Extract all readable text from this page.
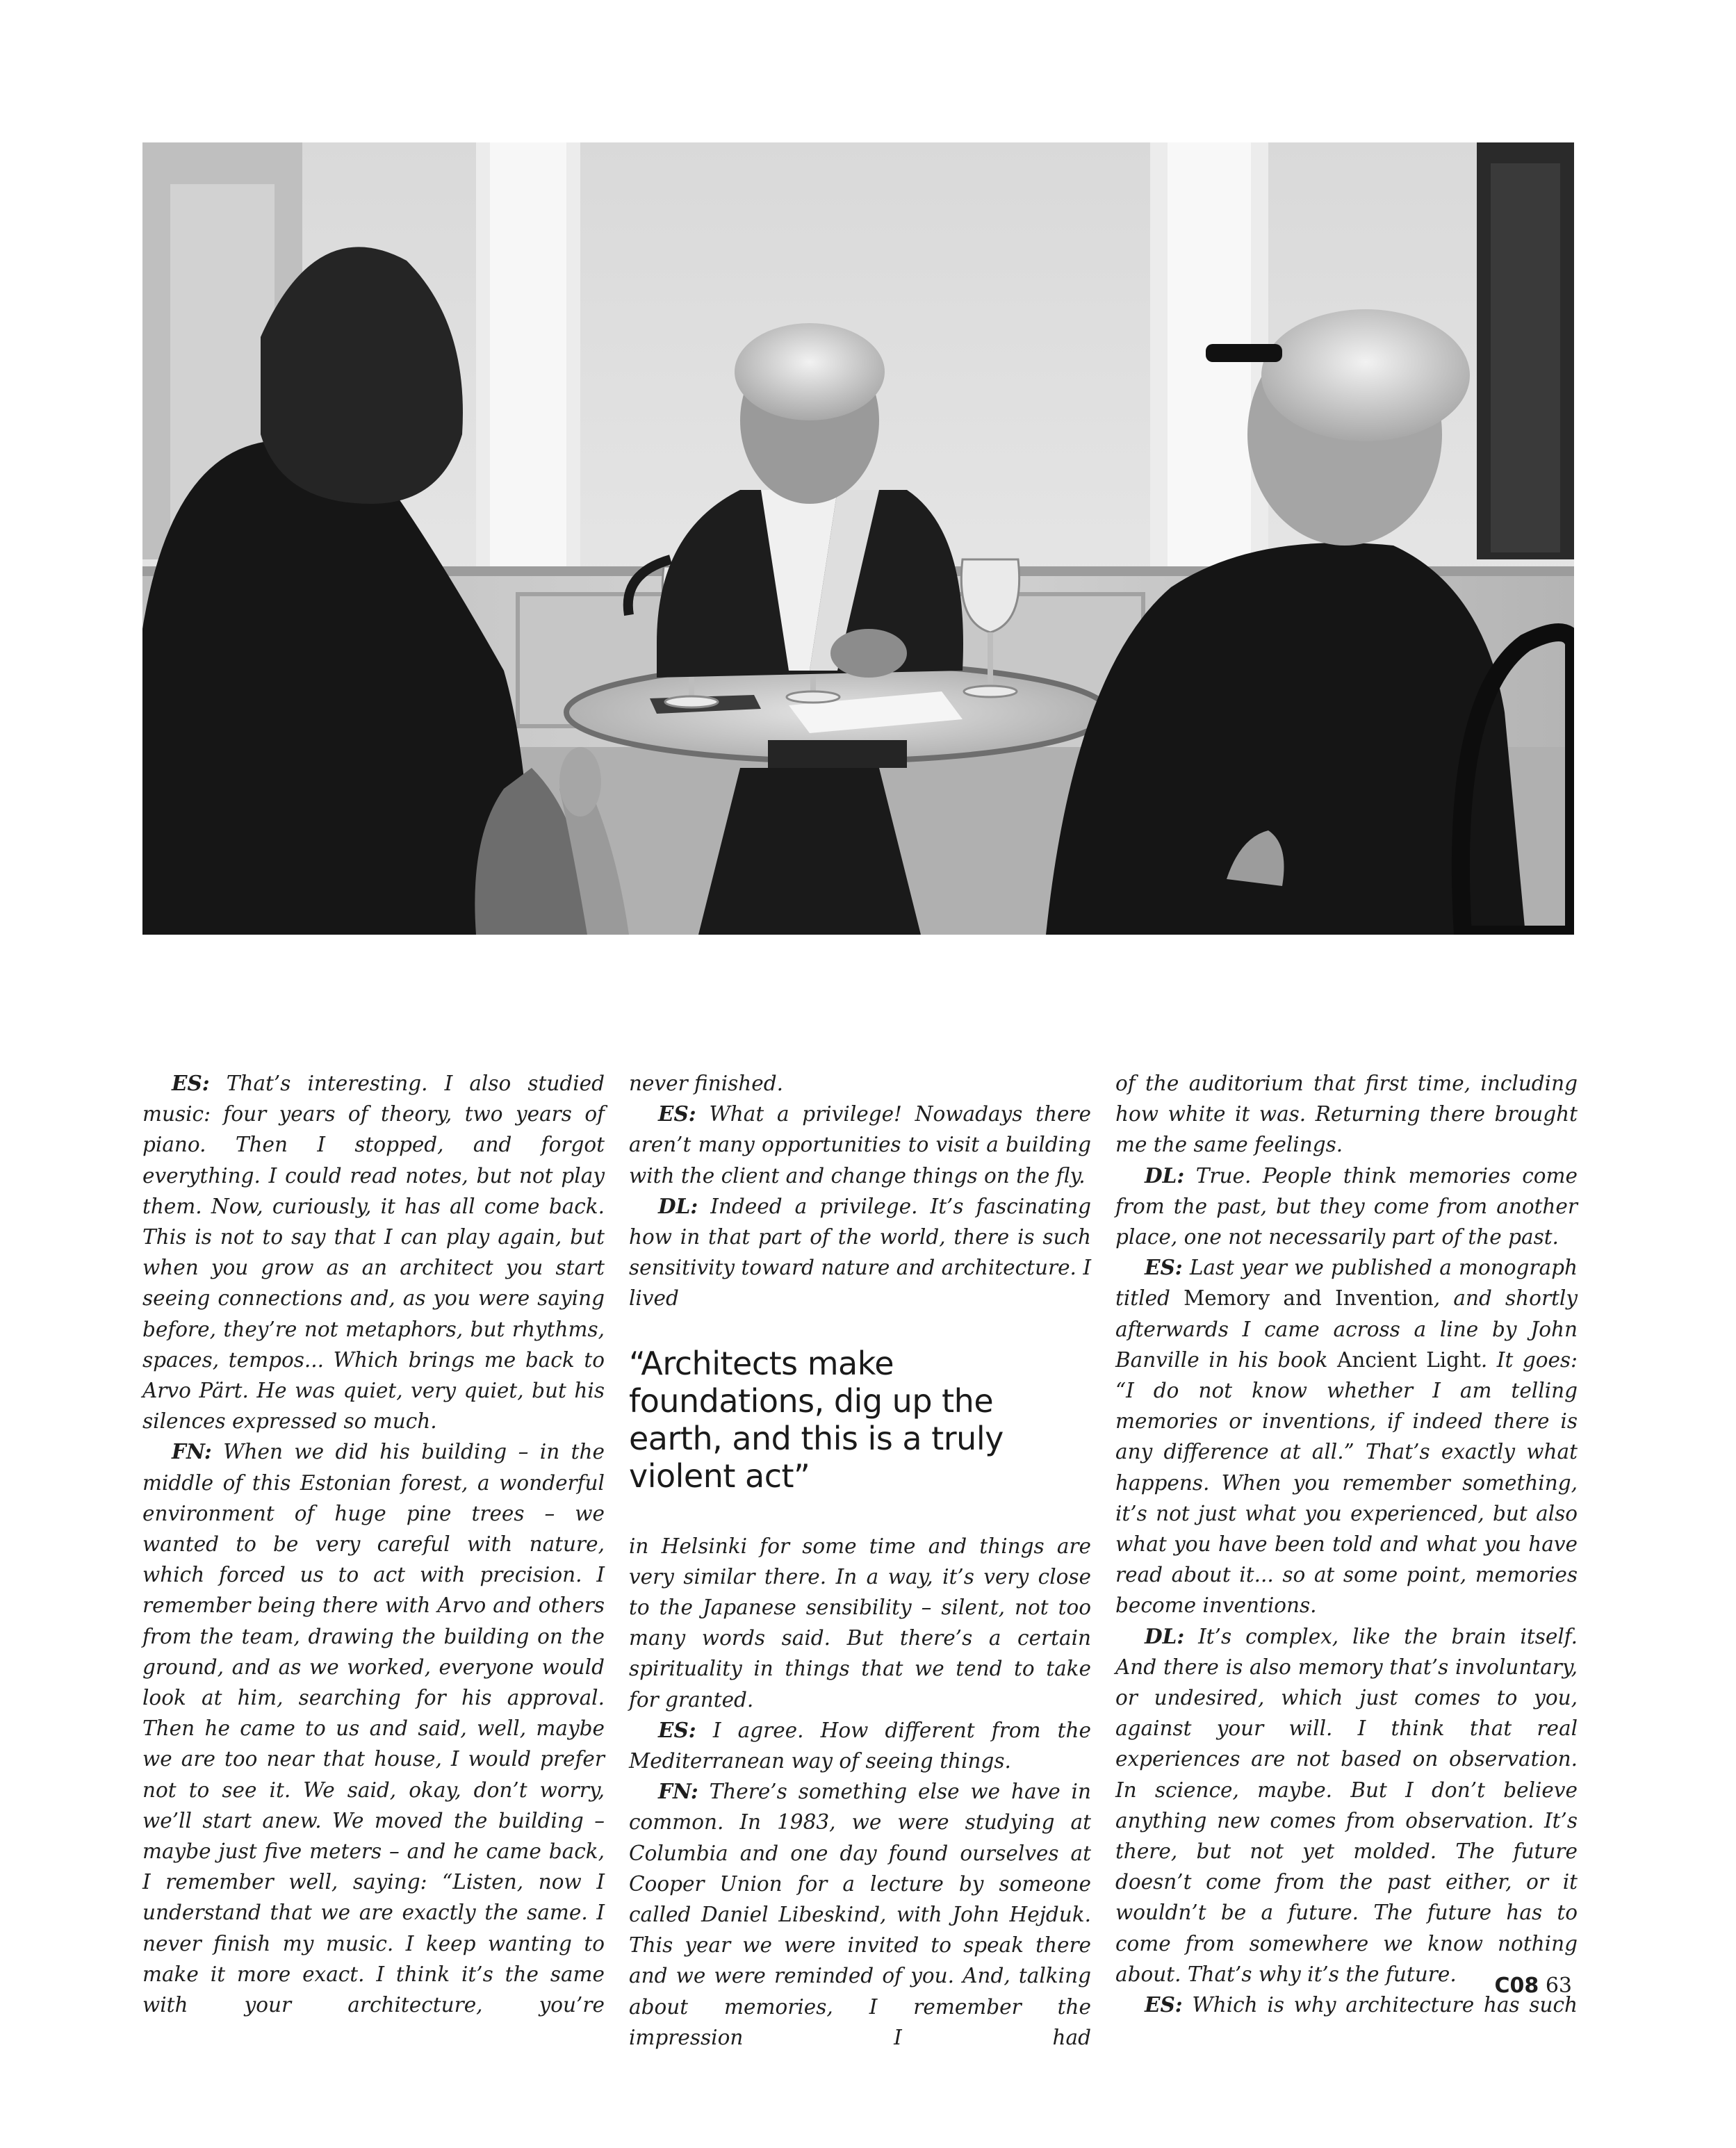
ES: That’s interesting. I also studied music: four years of theory, two years of piano. Then I stopped, and forgot everything. I could read notes, but not play them. Now, curiously, it has all come back. This is not to say that I can play again, but when you grow as an architect you start seeing connections and, as you were saying before, they’re not metaphors, but rhythms, spaces, tempos... Which brings me back to Arvo Pärt. He was quiet, very quiet, but his silences expressed so much.

FN: When we did his building – in the middle of this Estonian forest, a wonderful environment of huge pine trees – we wanted to be very careful with nature, which forced us to act with precision. I remember being there with Arvo and others from the team, drawing the building on the ground, and as we worked, everyone would look at him, searching for his approval. Then he came to us and said, well, maybe we are too near that house, I would prefer not to see it. We said, okay, don’t worry, we’ll start anew. We moved the building – maybe just five meters – and he came back, I remember well, saying: “Listen, now I understand that we are exactly the same. I never finish my music. I keep wanting to make it more exact. I think it’s the same with your architecture, you’re

never finished.

ES: What a privilege! Nowadays there aren’t many opportunities to visit a building with the client and change things on the fly.

DL: Indeed a privilege. It’s fascinating how in that part of the world, there is such sensitivity toward nature and architecture. I lived

“Architects make foundations, dig up the earth, and this is a truly violent act”

in Helsinki for some time and things are very similar there. In a way, it’s very close to the Japanese sensibility – silent, not too many words said. But there’s a certain spirituality in things that we tend to take for granted.

ES: I agree. How different from the Mediterranean way of seeing things.

FN: There’s something else we have in common. In 1983, we were studying at Columbia and one day found ourselves at Cooper Union for a lecture by someone called Daniel Libeskind, with John Hejduk. This year we were invited to speak there and we were reminded of you. And, talking about memories, I remember the impression I had

of the auditorium that first time, including how white it was. Returning there brought me the same feelings.

DL: True. People think memories come from the past, but they come from another place, one not necessarily part of the past.

ES: Last year we published a monograph titled Memory and Invention, and shortly afterwards I came across a line by John Banville in his book Ancient Light. It goes: “I do not know whether I am telling memories or inventions, if indeed there is any difference at all.” That’s exactly what happens. When you remember something, it’s not just what you experienced, but also what you have been told and what you have read about it... so at some point, memories become inventions.

DL: It’s complex, like the brain itself. And there is also memory that’s involuntary, or undesired, which just comes to you, against your will. I think that real experiences are not based on observation. In science, maybe. But I don’t believe anything new comes from observation. It’s there, but not yet molded. The future doesn’t come from the past either, or it wouldn’t be a future. The future has to come from somewhere we know nothing about. That’s why it’s the future.

ES: Which is why architecture has such

C08 63
